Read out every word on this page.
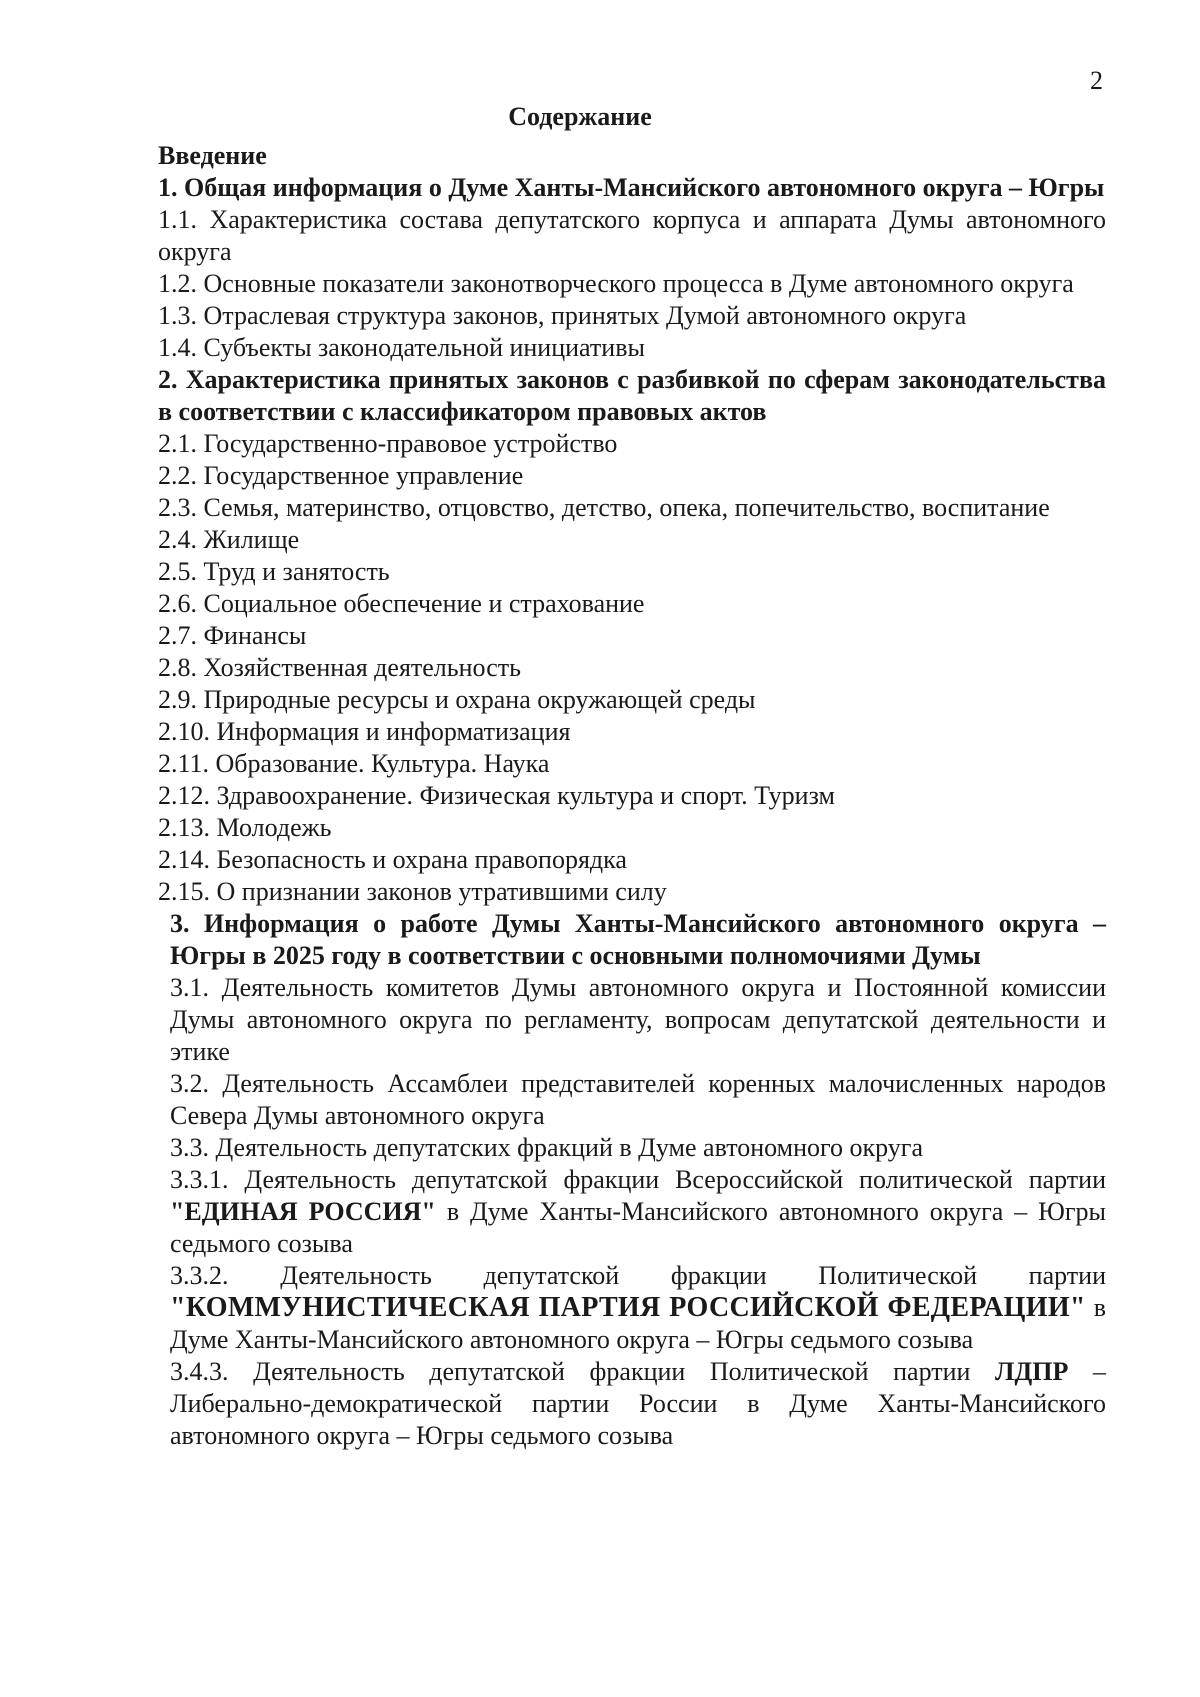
2
Содержание

Введение

1. Общая информация о Думе Ханты-Мансийского автономного округа – Югры

1.1. Характеристика состава депутатского корпуса и аппарата Думы автономного округа

1.2. Основные показатели законотворческого процесса в Думе автономного округа

1.3. Отраслевая структура законов, принятых Думой автономного округа

1.4. Субъекты законодательной инициативы

2. Характеристика принятых законов с разбивкой по сферам законодательства в соответствии с классификатором правовых актов

2.1. Государственно-правовое устройство

2.2. Государственное управление

2.3. Семья, материнство, отцовство, детство, опека, попечительство, воспитание

2.4. Жилище

2.5. Труд и занятость

2.6. Социальное обеспечение и страхование

2.7. Финансы

2.8. Хозяйственная деятельность

2.9. Природные ресурсы и охрана окружающей среды

2.10. Информация и информатизация

2.11. Образование. Культура. Наука

2.12. Здравоохранение. Физическая культура и спорт. Туризм

2.13. Молодежь

2.14. Безопасность и охрана правопорядка

2.15. О признании законов утратившими силу

3. Информация о работе Думы Ханты-Мансийского автономного округа – Югры в 2025 году в соответствии с основными полномочиями Думы

3.1. Деятельность комитетов Думы автономного округа и Постоянной комиссии Думы автономного округа по регламенту, вопросам депутатской деятельности и этике

3.2. Деятельность Ассамблеи представителей коренных малочисленных народов Севера Думы автономного округа

3.3. Деятельность депутатских фракций в Думе автономного округа

3.3.1. Деятельность депутатской фракции Всероссийской политической партии "ЕДИНАЯ РОССИЯ" в Думе Ханты-Мансийского автономного округа – Югры седьмого созыва

3.3.2. Деятельность депутатской фракции Политической партии "КОММУНИСТИЧЕСКАЯ ПАРТИЯ РОССИЙСКОЙ ФЕДЕРАЦИИ" в Думе Ханты-Мансийского автономного округа – Югры седьмого созыва

3.4.3. Деятельность депутатской фракции Политической партии ЛДПР – Либерально-демократической партии России в Думе Ханты-Мансийского автономного округа – Югры седьмого созыва
